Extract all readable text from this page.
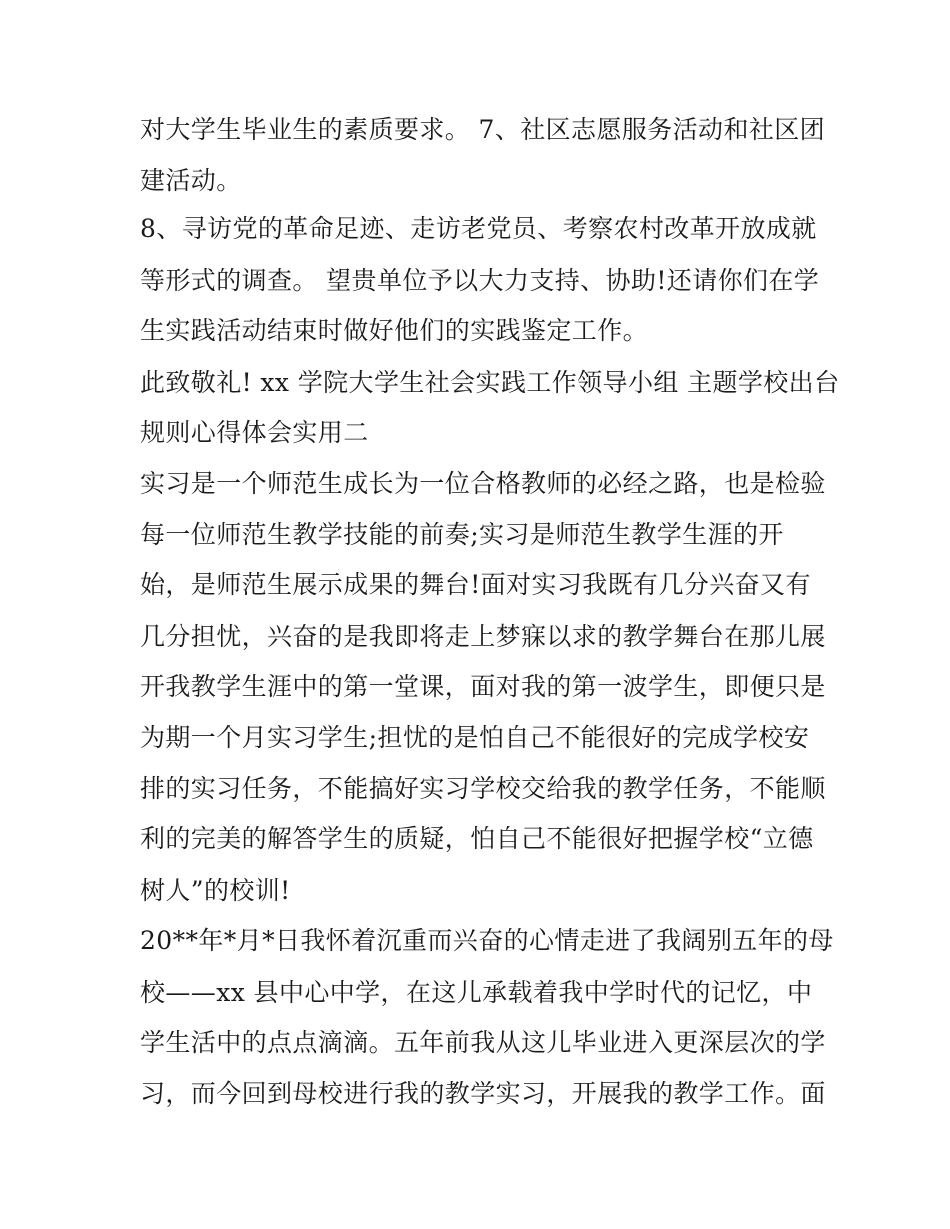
对大学生毕业生的素质要求。 7、社区志愿服务活动和社区团
建活动。
8、寻访党的革命足迹、走访老党员、考察农村改革开放成就
等形式的调查。 望贵单位予以大力支持、协助!还请你们在学
生实践活动结束时做好他们的实践鉴定工作。
此致敬礼! xx 学院大学生社会实践工作领导小组 主题学校出台
规则心得体会实用二
实习是一个师范生成长为一位合格教师的必经之路，也是检验
每一位师范生教学技能的前奏;实习是师范生教学生涯的开
始，是师范生展示成果的舞台!面对实习我既有几分兴奋又有
几分担忧，兴奋的是我即将走上梦寐以求的教学舞台在那儿展
开我教学生涯中的第一堂课，面对我的第一波学生，即便只是
为期一个月实习学生;担忧的是怕自己不能很好的完成学校安
排的实习任务，不能搞好实习学校交给我的教学任务，不能顺
利的完美的解答学生的质疑，怕自己不能很好把握学校“立德
树人”的校训!
20**年*月*日我怀着沉重而兴奋的心情走进了我阔别五年的母
校——xx 县中心中学，在这儿承载着我中学时代的记忆，中
学生活中的点点滴滴。五年前我从这儿毕业进入更深层次的学
习，而今回到母校进行我的教学实习，开展我的教学工作。面
